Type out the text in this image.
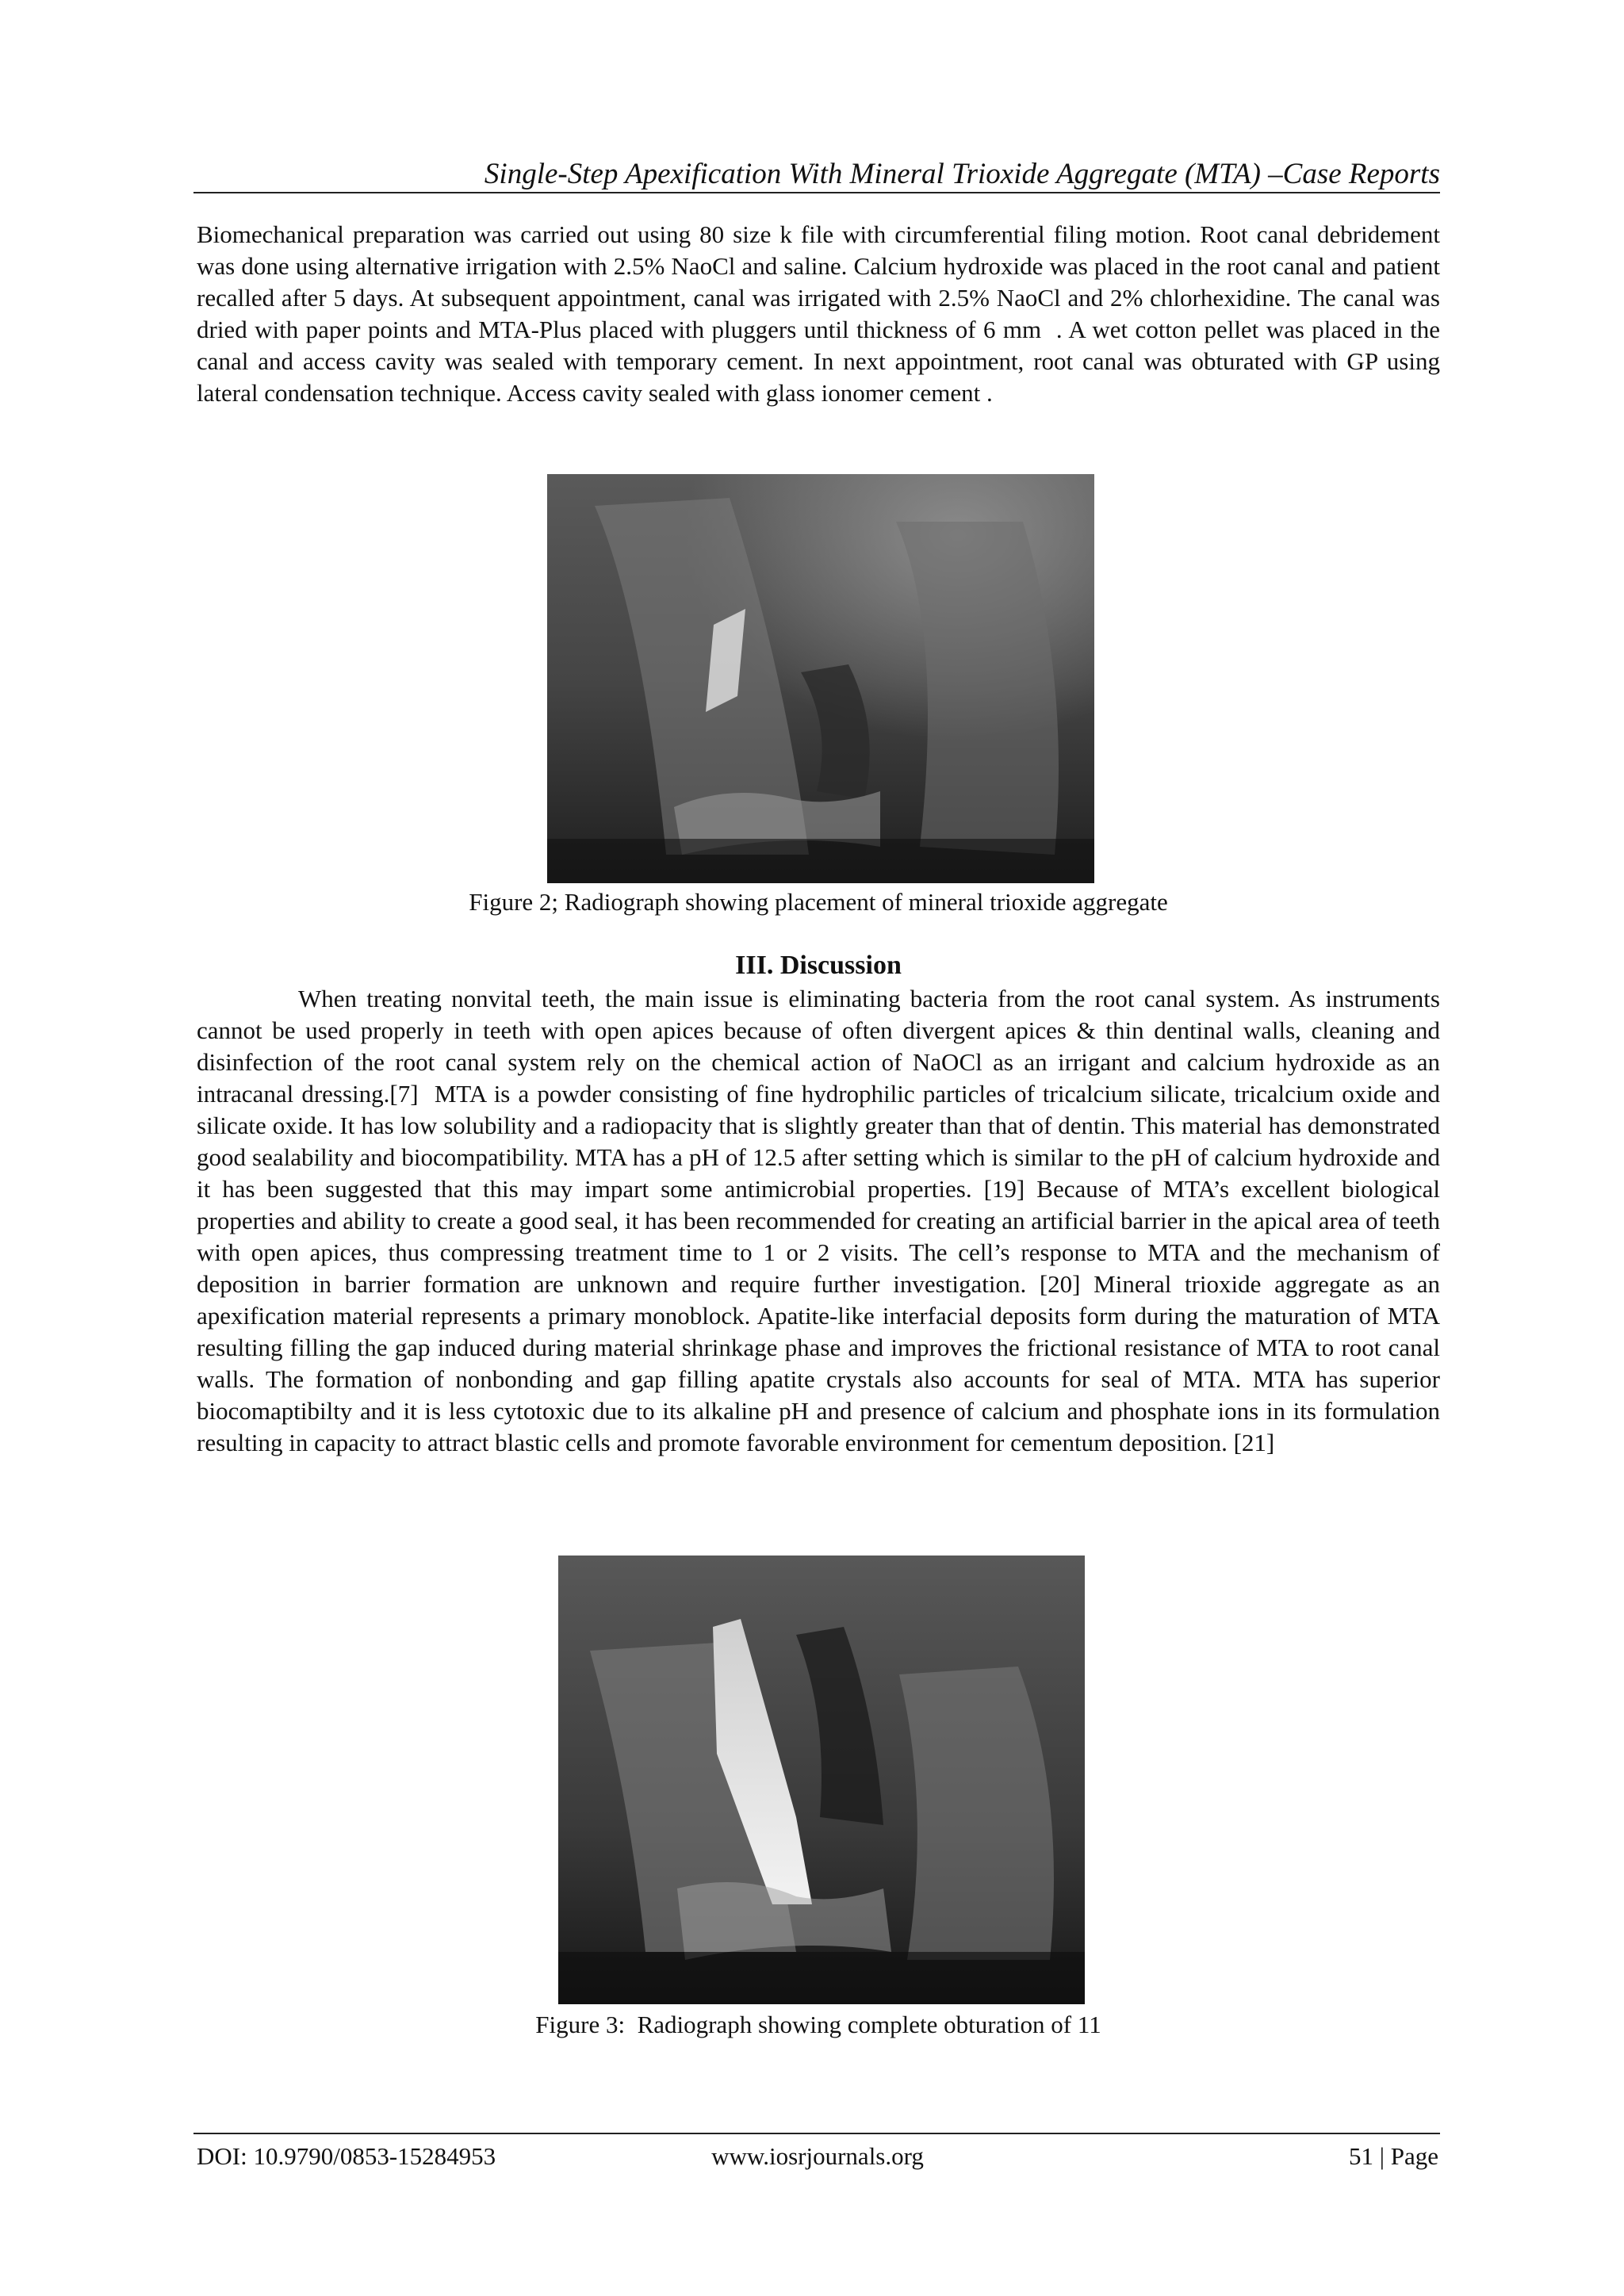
Single-Step Apexification With Mineral Trioxide Aggregate (MTA) –Case Reports

Biomechanical preparation was carried out using 80 size k file with circumferential filing motion. Root canal debridement was done using alternative irrigation with 2.5% NaoCl and saline. Calcium hydroxide was placed in the root canal and patient recalled after 5 days. At subsequent appointment, canal was irrigated with 2.5% NaoCl and 2% chlorhexidine. The canal was dried with paper points and MTA-Plus placed with pluggers until thickness of 6 mm  . A wet cotton pellet was placed in the canal and access cavity was sealed with temporary cement. In next appointment, root canal was obturated with GP using lateral condensation technique. Access cavity sealed with glass ionomer cement .

Figure 2; Radiograph showing placement of mineral trioxide aggregate

III. Discussion

When treating nonvital teeth, the main issue is eliminating bacteria from the root canal system. As instruments cannot be used properly in teeth with open apices because of often divergent apices & thin dentinal walls, cleaning and disinfection of the root canal system rely on the chemical action of NaOCl as an irrigant and calcium hydroxide as an intracanal dressing.[7]  MTA is a powder consisting of fine hydrophilic particles of tricalcium silicate, tricalcium oxide and silicate oxide. It has low solubility and a radiopacity that is slightly greater than that of dentin. This material has demonstrated good sealability and biocompatibility. MTA has a pH of 12.5 after setting which is similar to the pH of calcium hydroxide and it has been suggested that this may impart some antimicrobial properties. [19] Because of MTA’s excellent biological properties and ability to create a good seal, it has been recommended for creating an artificial barrier in the apical area of teeth with open apices, thus compressing treatment time to 1 or 2 visits. The cell’s response to MTA and the mechanism of deposition in barrier formation are unknown and require further investigation. [20] Mineral trioxide aggregate as an apexification material represents a primary monoblock. Apatite-like interfacial deposits form during the maturation of MTA resulting filling the gap induced during material shrinkage phase and improves the frictional resistance of MTA to root canal walls. The formation of nonbonding and gap filling apatite crystals also accounts for seal of MTA. MTA has superior biocomaptibilty and it is less cytotoxic due to its alkaline pH and presence of calcium and phosphate ions in its formulation resulting in capacity to attract blastic cells and promote favorable environment for cementum deposition. [21]

Figure 3:  Radiograph showing complete obturation of 11

DOI: 10.9790/0853-15284953	www.iosrjournals.org	51 | Page
